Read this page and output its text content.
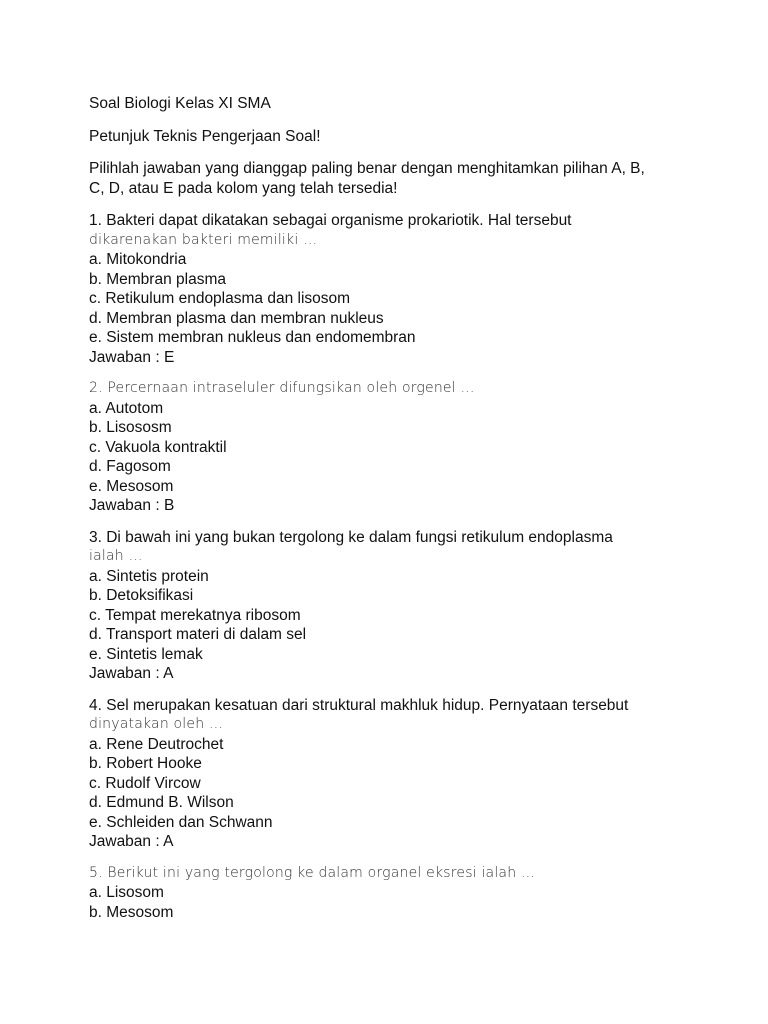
Soal Biologi Kelas XI SMA

Petunjuk Teknis Pengerjaan Soal!

Pilihlah jawaban yang dianggap paling benar dengan menghitamkan pilihan A, B,
C, D, atau E pada kolom yang telah tersedia!
1. Bakteri dapat dikatakan sebagai organisme prokariotik. Hal tersebut
dikarenakan bakteri memiliki …
a. Mitokondria
b. Membran plasma
c. Retikulum endoplasma dan lisosom
d. Membran plasma dan membran nukleus
e. Sistem membran nukleus dan endomembran
Jawaban : E
2. Percernaan intraseluler difungsikan oleh orgenel …
a. Autotom
b. Lisososm
c. Vakuola kontraktil
d. Fagosom
e. Mesosom
Jawaban : B
3. Di bawah ini yang bukan tergolong ke dalam fungsi retikulum endoplasma
ialah …
a. Sintetis protein
b. Detoksifikasi
c. Tempat merekatnya ribosom
d. Transport materi di dalam sel
e. Sintetis lemak
Jawaban : A
4. Sel merupakan kesatuan dari struktural makhluk hidup. Pernyataan tersebut
dinyatakan oleh …
a. Rene Deutrochet
b. Robert Hooke
c. Rudolf Vircow
d. Edmund B. Wilson
e. Schleiden dan Schwann
Jawaban : A
5. Berikut ini yang tergolong ke dalam organel eksresi ialah …
a. Lisosom
b. Mesosom
